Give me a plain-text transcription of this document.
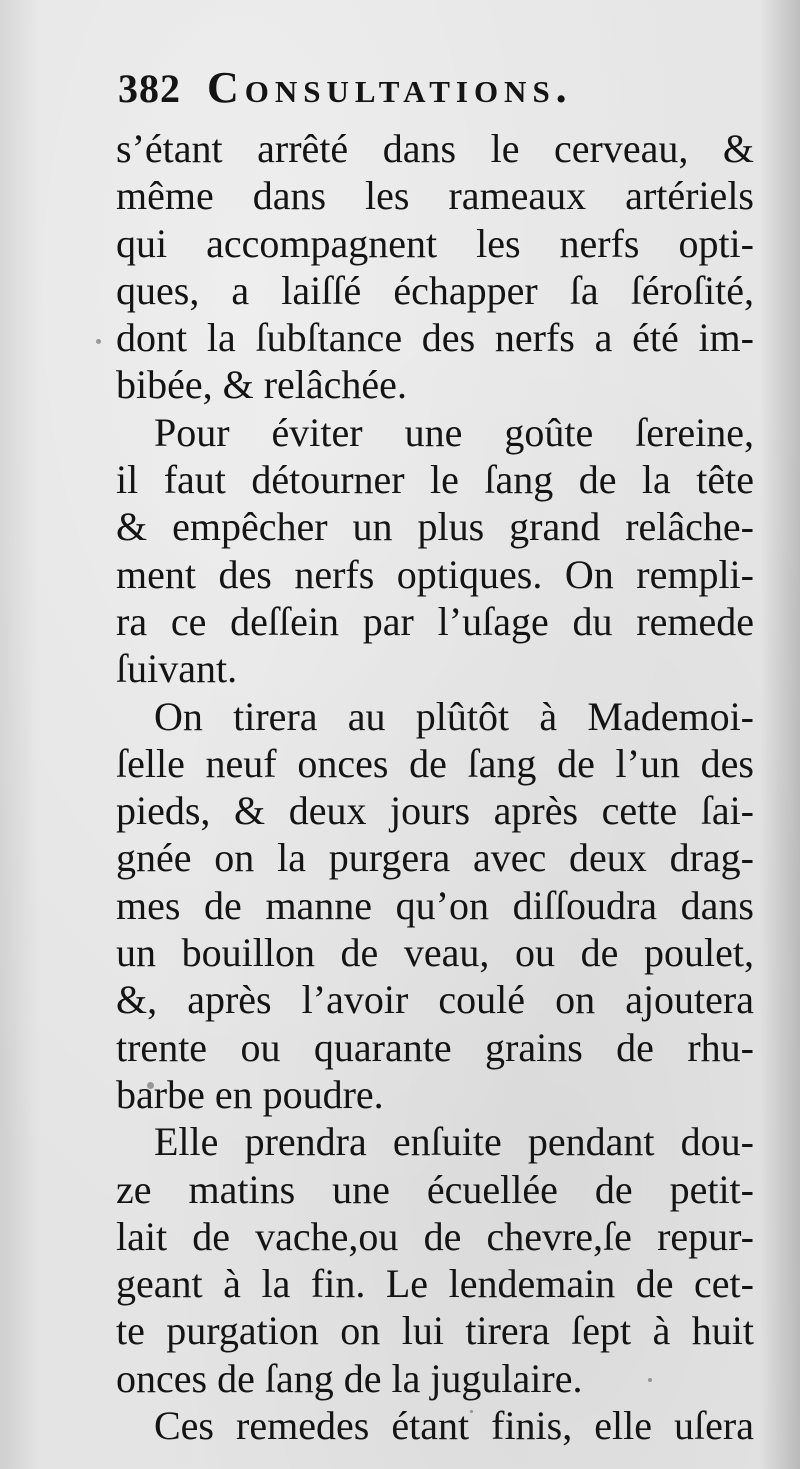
382 Consultations.
s’étant arrêté dans le cerveau, &
même dans les rameaux artériels
qui accompagnent les nerfs opti-
ques, a laiſſé échapper ſa ſéroſité,
dont la ſubſtance des nerfs a été im-
bibée, & relâchée.
Pour éviter une goûte ſereine,
il faut détourner le ſang de la tête
& empêcher un plus grand relâche-
ment des nerfs optiques. On rempli-
ra ce deſſein par l’uſage du remede
ſuivant.
On tirera au plûtôt à Mademoi-
ſelle neuf onces de ſang de l’un des
pieds, & deux jours après cette ſai-
gnée on la purgera avec deux drag-
mes de manne qu’on diſſoudra dans
un bouillon de veau, ou de poulet,
&, après l’avoir coulé on ajoutera
trente ou quarante grains de rhu-
barbe en poudre.
Elle prendra enſuite pendant dou-
ze matins une écuellée de petit-
lait de vache,ou de chevre,ſe repur-
geant à la fin. Le lendemain de cet-
te purgation on lui tirera ſept à huit
onces de ſang de la jugulaire.
Ces remedes étant finis, elle uſera
